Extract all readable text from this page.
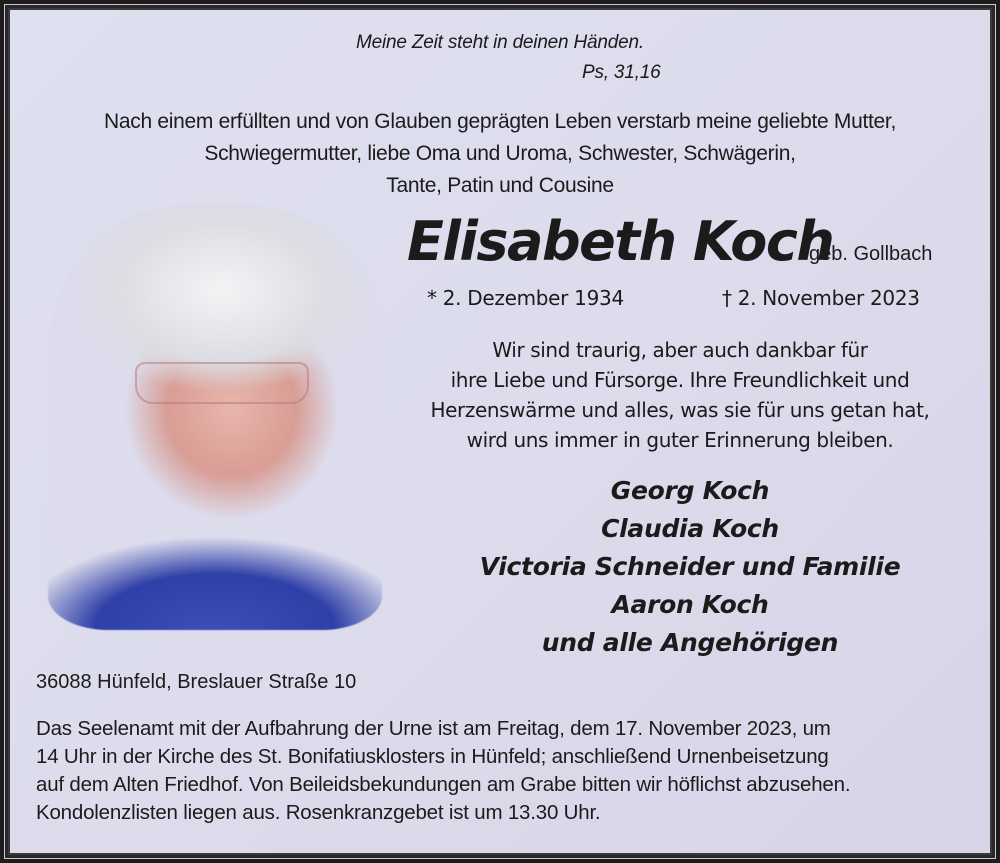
Meine Zeit steht in deinen Händen.
Ps, 31,16
Nach einem erfüllten und von Glauben geprägten Leben verstarb meine geliebte Mutter,
Schwiegermutter, liebe Oma und Uroma, Schwester, Schwägerin,
Tante, Patin und Cousine
Elisabeth Koch
geb. Gollbach
* 2. Dezember 1934	† 2. November 2023
Wir sind traurig, aber auch dankbar für
ihre Liebe und Fürsorge. Ihre Freundlichkeit und
Herzenswärme und alles, was sie für uns getan hat,
wird uns immer in guter Erinnerung bleiben.
Georg Koch
Claudia Koch
Victoria Schneider und Familie
Aaron Koch
und alle Angehörigen
36088 Hünfeld, Breslauer Straße 10
Das Seelenamt mit der Aufbahrung der Urne ist am Freitag, dem 17. November 2023, um
14 Uhr in der Kirche des St. Bonifatiusklosters in Hünfeld; anschließend Urnenbeisetzung
auf dem Alten Friedhof. Von Beileidsbekundungen am Grabe bitten wir höflichst abzusehen.
Kondolenzlisten liegen aus. Rosenkranzgebet ist um 13.30 Uhr.
